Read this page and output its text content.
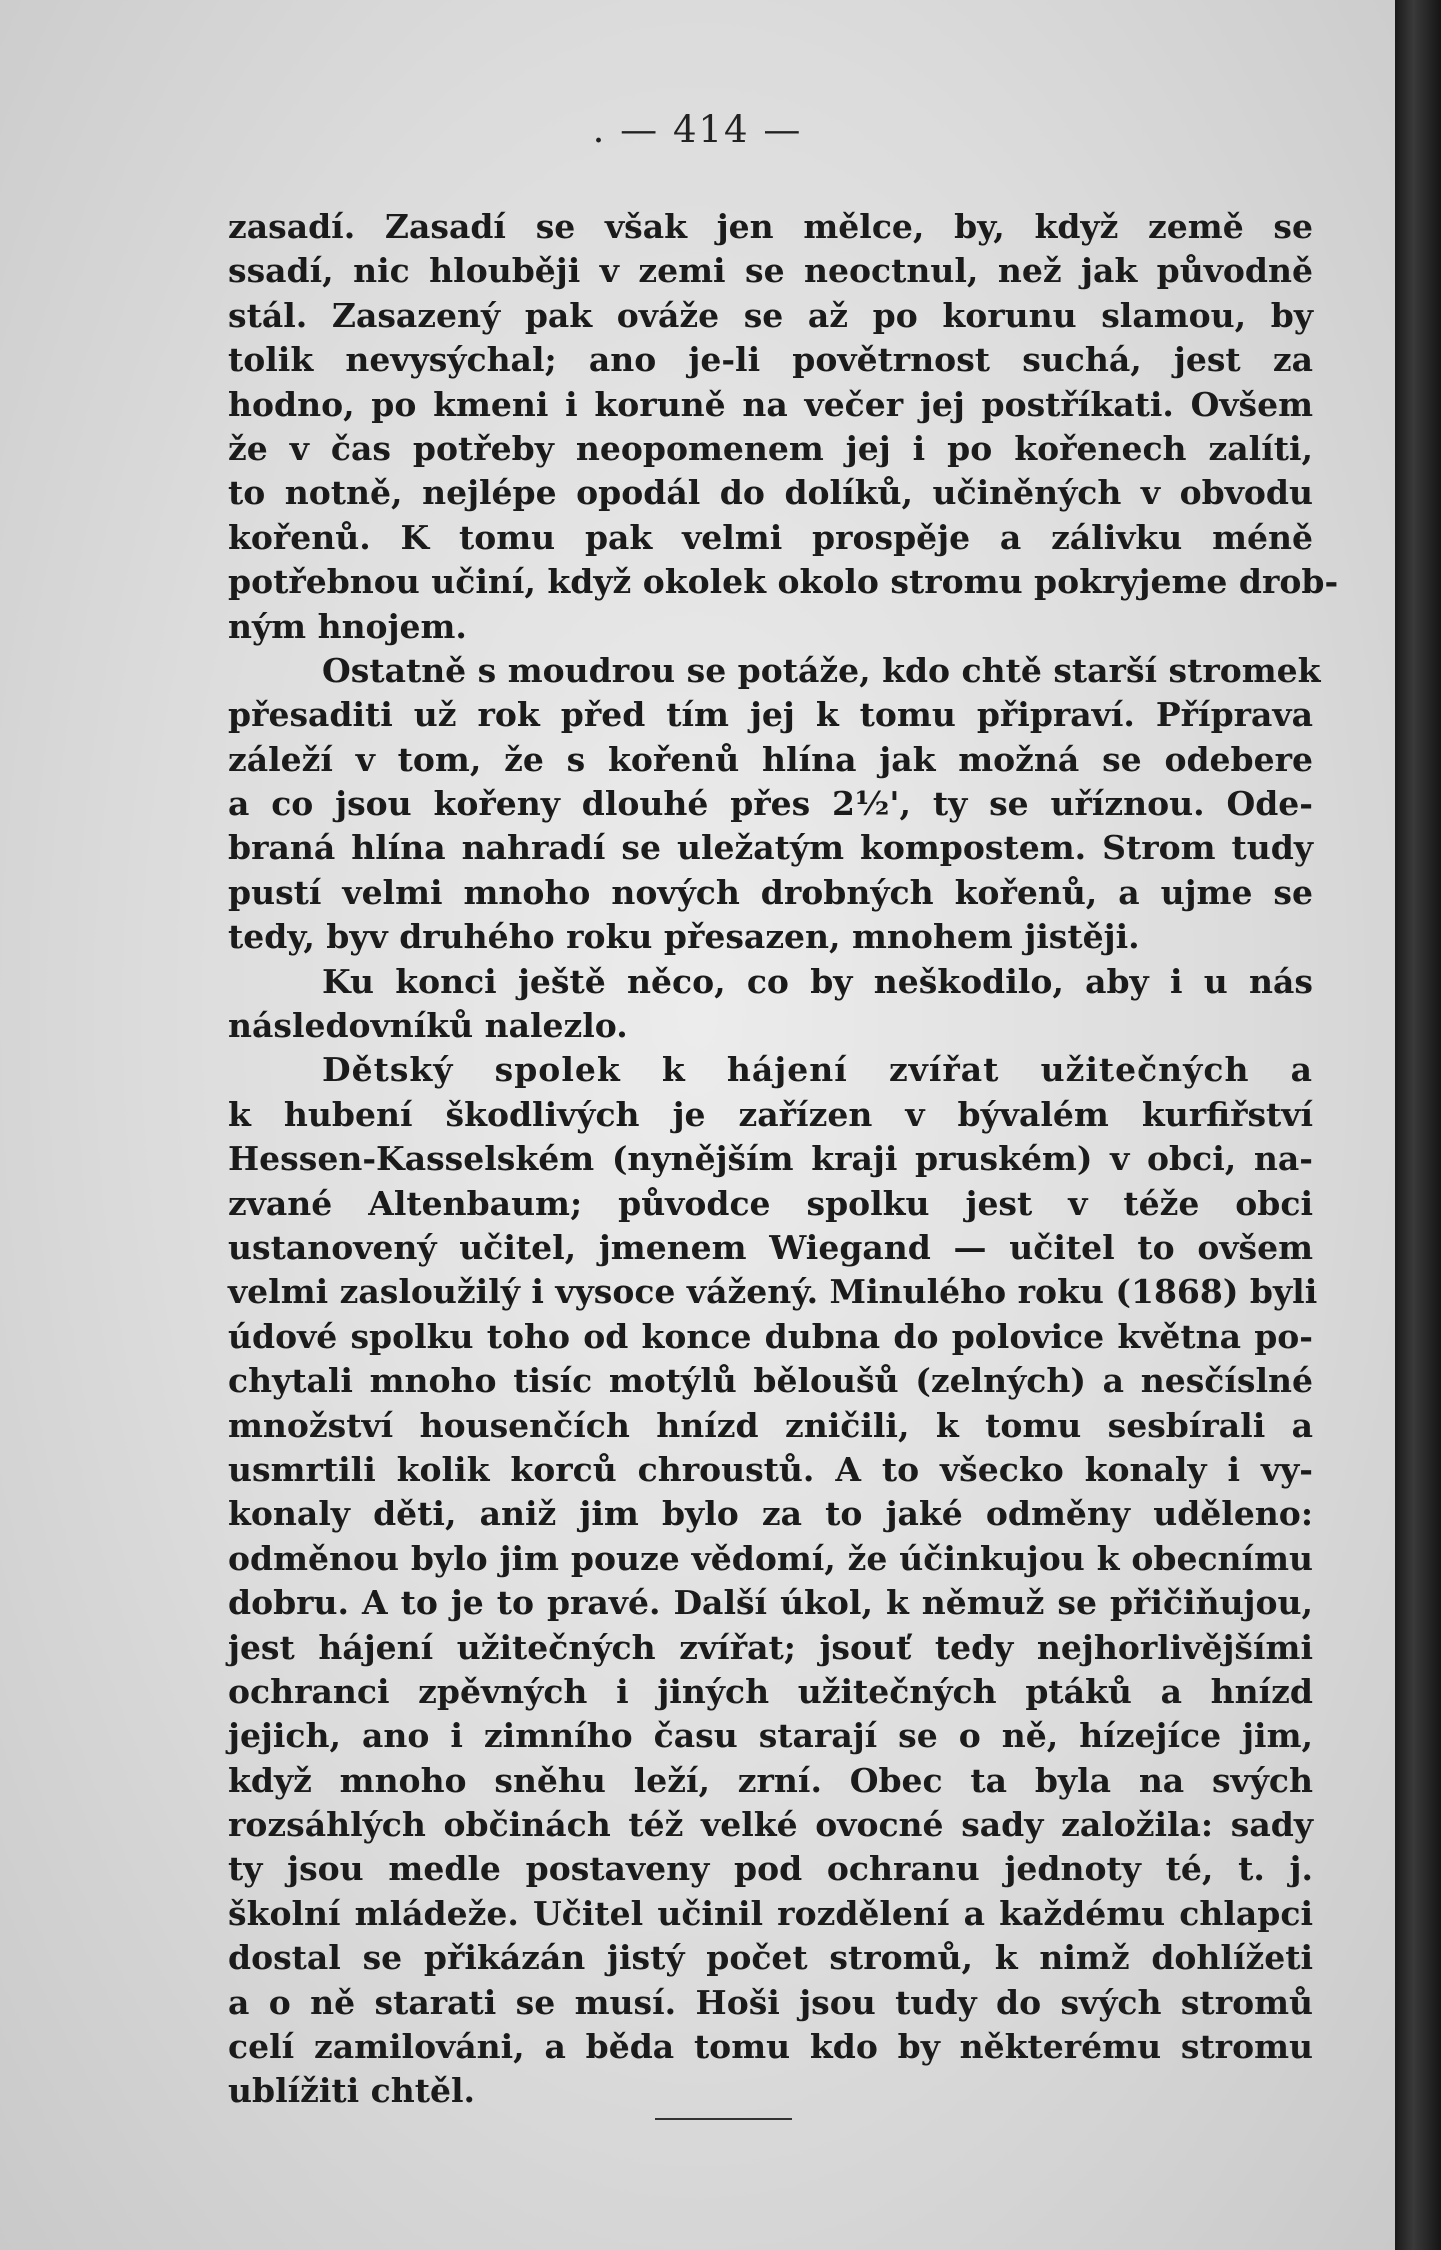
. — 414 —
zasadí. Zasadí se však jen mělce, by, když země se
ssadí, nic hlouběji v zemi se neoctnul, než jak původně
stál. Zasazený pak ováže se až po korunu slamou, by
tolik nevysýchal; ano je-li povětrnost suchá, jest za
hodno, po kmeni i koruně na večer jej postříkati. Ovšem
že v čas potřeby neopomenem jej i po kořenech zalíti,
to notně, nejlépe opodál do dolíků, učiněných v obvodu
kořenů. K tomu pak velmi prospěje a zálivku méně
potřebnou učiní, když okolek okolo stromu pokryjeme drob-
ným hnojem.
Ostatně s moudrou se potáže, kdo chtě starší stromek
přesaditi už rok před tím jej k tomu připraví. Příprava
záleží v tom, že s kořenů hlína jak možná se odebere
a co jsou kořeny dlouhé přes 2½', ty se uříznou. Ode-
braná hlína nahradí se uležatým kompostem. Strom tudy
pustí velmi mnoho nových drobných kořenů, a ujme se
tedy, byv druhého roku přesazen, mnohem jistěji.
Ku konci ještě něco, co by neškodilo, aby i u nás
následovníků nalezlo.
Dětský spolek k hájení zvířat užitečných a
k hubení škodlivých je zařízen v bývalém kurfiřství
Hessen-Kasselském (nynějším kraji pruském) v obci, na-
zvané Altenbaum; původce spolku jest v téže obci
ustanovený učitel, jmenem Wiegand — učitel to ovšem
velmi zasloužilý i vysoce vážený. Minulého roku (1868) byli
údové spolku toho od konce dubna do polovice května po-
chytali mnoho tisíc motýlů běloušů (zelných) a nesčíslné
množství housenčích hnízd zničili, k tomu sesbírali a
usmrtili kolik korců chroustů. A to všecko konaly i vy-
konaly děti, aniž jim bylo za to jaké odměny uděleno:
odměnou bylo jim pouze vědomí, že účinkujou k obecnímu
dobru. A to je to pravé. Další úkol, k němuž se přičiňujou,
jest hájení užitečných zvířat; jsouť tedy nejhorlivějšími
ochranci zpěvných i jiných užitečných ptáků a hnízd
jejich, ano i zimního času starají se o ně, hízejíce jim,
když mnoho sněhu leží, zrní. Obec ta byla na svých
rozsáhlých občinách též velké ovocné sady založila: sady
ty jsou medle postaveny pod ochranu jednoty té, t. j.
školní mládeže. Učitel učinil rozdělení a každému chlapci
dostal se přikázán jistý počet stromů, k nimž dohlížeti
a o ně starati se musí. Hoši jsou tudy do svých stromů
celí zamilováni, a běda tomu kdo by některému stromu
ublížiti chtěl.
